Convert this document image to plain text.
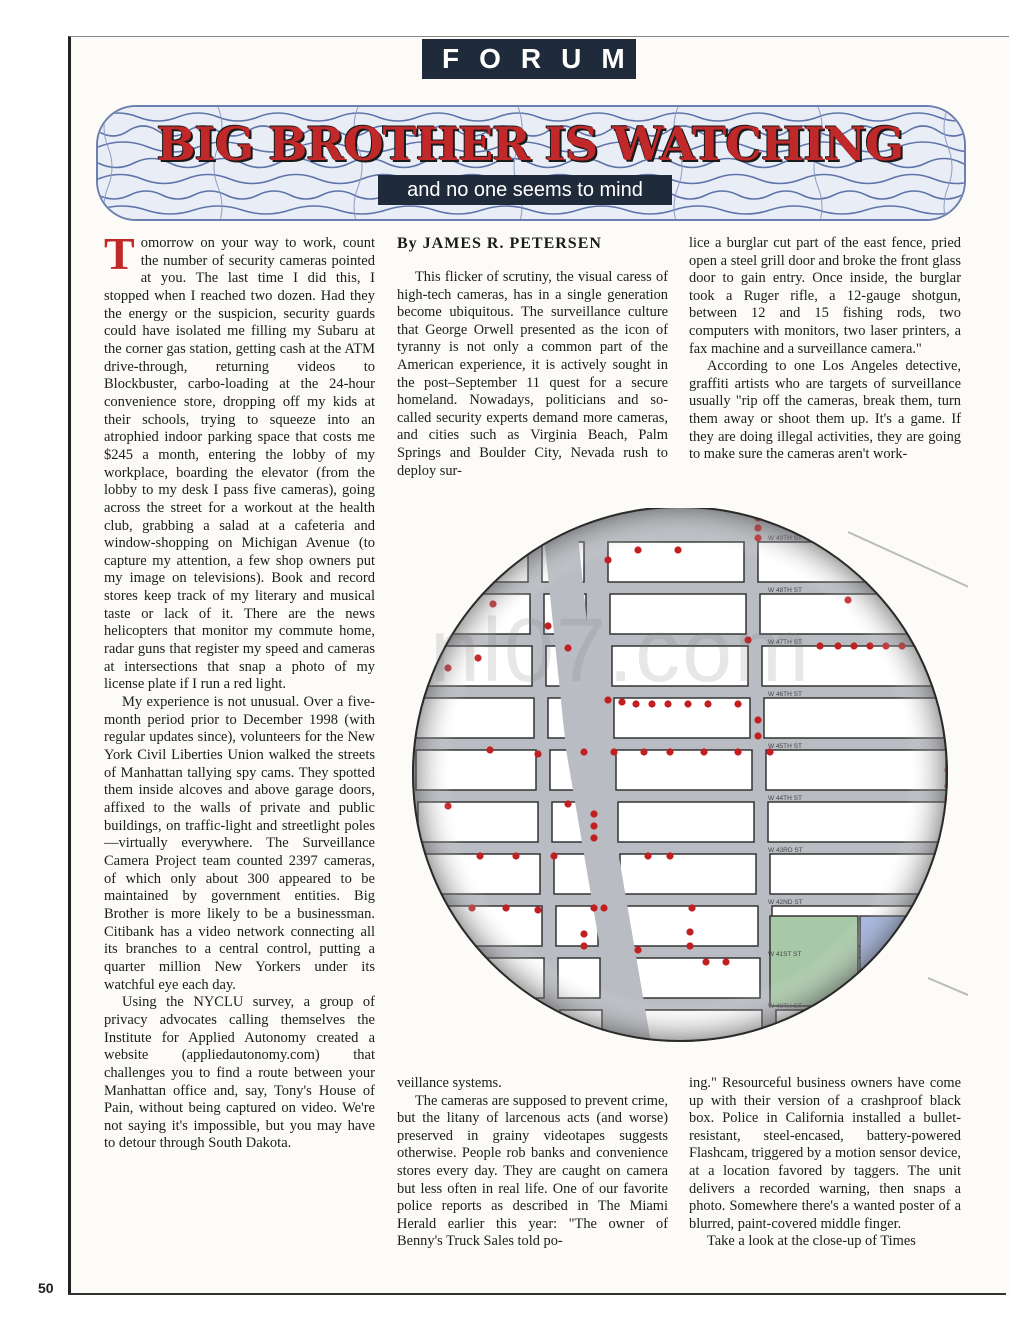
50
FORUM
BIG BROTHER IS WATCHING
and no one seems to mind

Tomorrow on your way to work, count the number of security cameras pointed at you. The last time I did this, I stopped when I reached two dozen. Had they the energy or the suspicion, security guards could have isolated me filling my Subaru at the corner gas station, getting cash at the ATM drive-through, returning videos to Blockbuster, carbo-loading at the 24-hour convenience store, dropping off my kids at their schools, trying to squeeze into an atrophied indoor parking space that costs me $245 a month, entering the lobby of my workplace, boarding the elevator (from the lobby to my desk I pass five cameras), going across the street for a workout at the health club, grabbing a salad at a cafeteria and window-shopping on Michigan Avenue (to capture my attention, a few shop owners put my image on televisions). Book and record stores keep track of my literary and musical taste or lack of it. There are the news helicopters that monitor my commute home, radar guns that register my speed and cameras at intersections that snap a photo of my license plate if I run a red light.

My experience is not unusual. Over a five-month period prior to December 1998 (with regular updates since), volunteers for the New York Civil Liberties Union walked the streets of Manhattan tallying spy cams. They spotted them inside alcoves and above garage doors, affixed to the walls of private and public buildings, on traffic-light and streetlight poles—virtually everywhere. The Surveillance Camera Project team counted 2397 cameras, of which only about 300 appeared to be maintained by government entities. Big Brother is more likely to be a businessman. Citibank has a video network connecting all its branches to a central control, putting a quarter million New Yorkers under its watchful eye each day.

Using the NYCLU survey, a group of privacy advocates calling themselves the Institute for Applied Autonomy created a website (appliedautonomy.com) that challenges you to find a route between your Manhattan office and, say, Tony's House of Pain, without being captured on video. We're not saying it's impossible, but you may have to detour through South Dakota.

By JAMES R. PETERSEN

This flicker of scrutiny, the visual caress of high-tech cameras, has in a single generation become ubiquitous. The surveillance culture that George Orwell presented as the icon of tyranny is not only a common part of the American experience, it is actively sought in the post–September 11 quest for a secure homeland. Nowadays, politicians and so-called security experts demand more cameras, and cities such as Virginia Beach, Palm Springs and Boulder City, Nevada rush to deploy sur-

lice a burglar cut part of the east fence, pried open a steel grill door and broke the front glass door to gain entry. Once inside, the burglar took a Ruger rifle, a 12-gauge shotgun, between 12 and 15 fishing rods, two computers with monitors, two laser printers, a fax machine and a surveillance camera."

According to one Los Angeles detective, graffiti artists who are targets of surveillance usually "rip off the cameras, break them, turn them away or shoot them up. It's a game. If they are doing illegal activities, they are going to make sure the cameras aren't work-

veillance systems.

The cameras are supposed to prevent crime, but the litany of larcenous acts (and worse) preserved in grainy videotapes suggests otherwise. People rob banks and convenience stores every day. They are caught on camera but less often in real life. One of our favorite police reports as described in The Miami Herald earlier this year: "The owner of Benny's Truck Sales told po-

ing." Resourceful business owners have come up with their version of a crashproof black box. Police in California installed a bullet-resistant, steel-encased, battery-powered Flashcam, triggered by a motion sensor device, at a location favored by taggers. The unit delivers a recorded warning, then snaps a photo. Somewhere there's a wanted poster of a blurred, paint-covered middle finger.

Take a look at the close-up of Times
